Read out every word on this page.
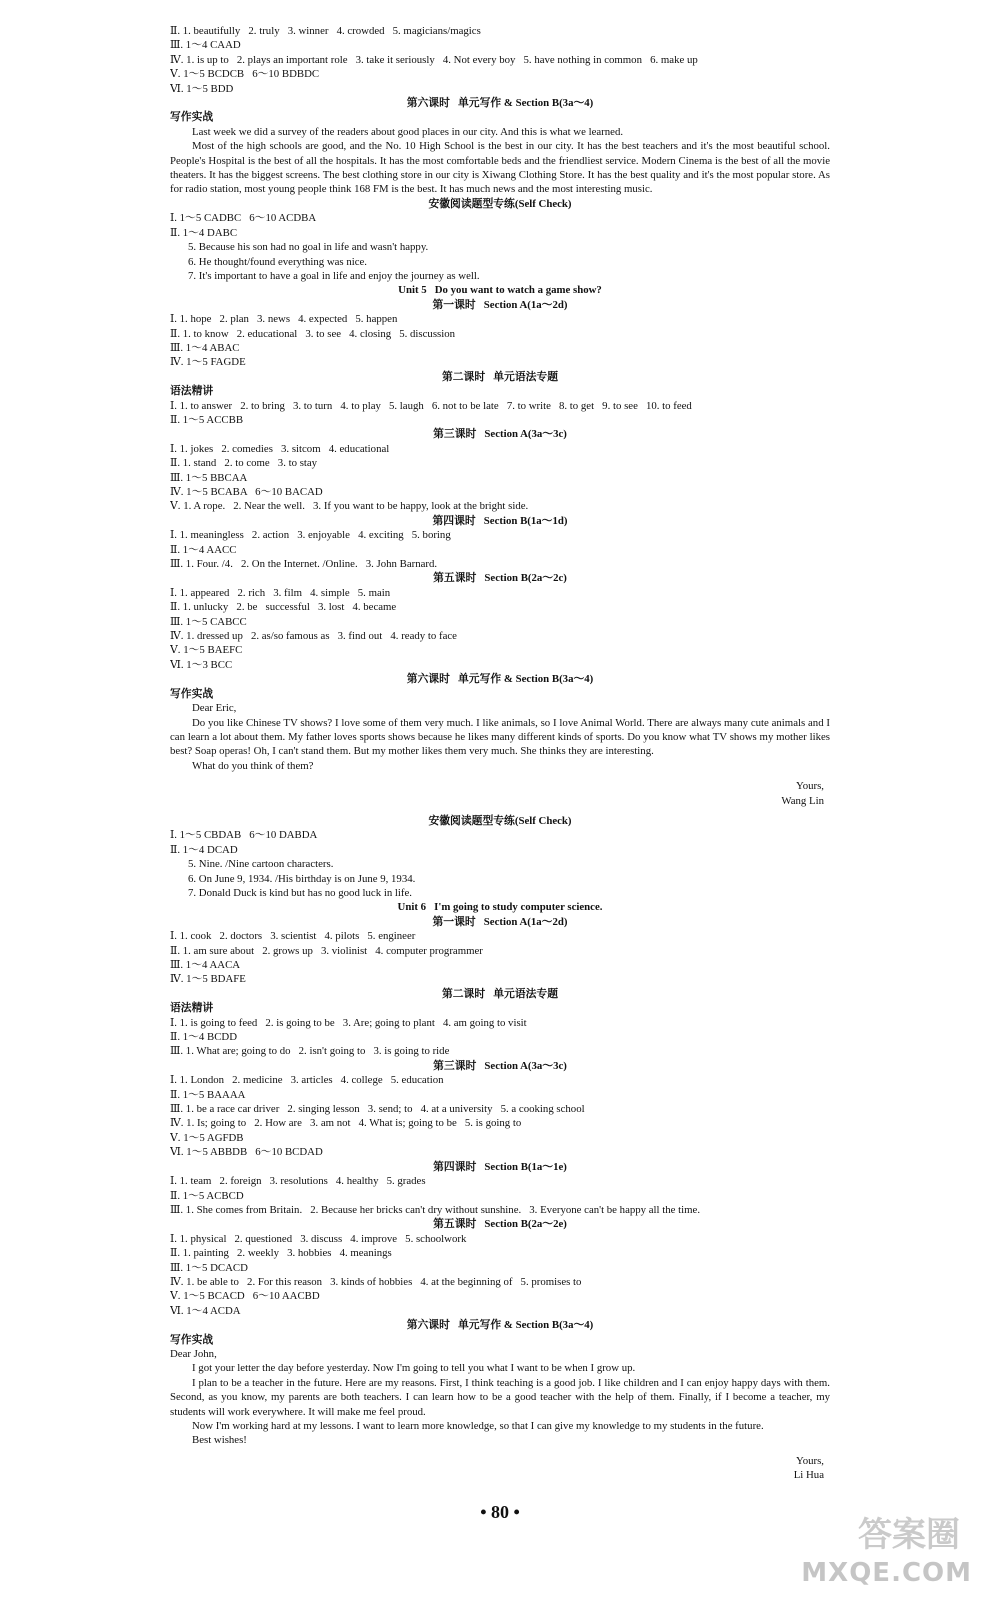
Ⅱ. 1. beautifully   2. truly   3. winner   4. crowded   5. magicians/magics
Ⅲ. 1～4 CAAD
Ⅳ. 1. is up to   2. plays an important role   3. take it seriously   4. Not every boy   5. have nothing in common   6. make up
Ⅴ. 1～5 BCDCB   6～10 BDBDC
Ⅵ. 1～5 BDD
第六课时   单元写作 & Section B(3a～4)
写作实战
Last week we did a survey of the readers about good places in our city. And this is what we learned.
Most of the high schools are good, and the No. 10 High School is the best in our city. It has the best teachers and it's the most beautiful school. People's Hospital is the best of all the hospitals. It has the most comfortable beds and the friendliest service. Modern Cinema is the best of all the movie theaters. It has the biggest screens. The best clothing store in our city is Xiwang Clothing Store. It has the best quality and it's the most popular store. As for radio station, most young people think 168 FM is the best. It has much news and the most interesting music.
安徽阅读题型专练(Self Check)
Ⅰ. 1～5 CADBC   6～10 ACDBA
Ⅱ. 1～4 DABC
5. Because his son had no goal in life and wasn't happy.
6. He thought/found everything was nice.
7. It's important to have a goal in life and enjoy the journey as well.
Unit 5   Do you want to watch a game show?
第一课时   Section A(1a～2d)
Ⅰ. 1. hope   2. plan   3. news   4. expected   5. happen
Ⅱ. 1. to know   2. educational   3. to see   4. closing   5. discussion
Ⅲ. 1～4 ABAC
Ⅳ. 1～5 FAGDE
第二课时   单元语法专题
语法精讲
Ⅰ. 1. to answer   2. to bring   3. to turn   4. to play   5. laugh   6. not to be late   7. to write   8. to get   9. to see   10. to feed
Ⅱ. 1～5 ACCBB
第三课时   Section A(3a～3c)
Ⅰ. 1. jokes   2. comedies   3. sitcom   4. educational
Ⅱ. 1. stand   2. to come   3. to stay
Ⅲ. 1～5 BBCAA
Ⅳ. 1～5 BCABA   6～10 BACAD
Ⅴ. 1. A rope.   2. Near the well.   3. If you want to be happy, look at the bright side.
第四课时   Section B(1a～1d)
Ⅰ. 1. meaningless   2. action   3. enjoyable   4. exciting   5. boring
Ⅱ. 1～4 AACC
Ⅲ. 1. Four. /4.   2. On the Internet. /Online.   3. John Barnard.
第五课时   Section B(2a～2c)
Ⅰ. 1. appeared   2. rich   3. film   4. simple   5. main
Ⅱ. 1. unlucky   2. be   successful   3. lost   4. became
Ⅲ. 1～5 CABCC
Ⅳ. 1. dressed up   2. as/so famous as   3. find out   4. ready to face
Ⅴ. 1～5 BAEFC
Ⅵ. 1～3 BCC
第六课时   单元写作 & Section B(3a～4)
写作实战
Dear Eric,
Do you like Chinese TV shows? I love some of them very much. I like animals, so I love Animal World. There are always many cute animals and I can learn a lot about them. My father loves sports shows because he likes many different kinds of sports. Do you know what TV shows my mother likes best? Soap operas! Oh, I can't stand them. But my mother likes them very much. She thinks they are interesting.
What do you think of them?
Yours,
Wang Lin
安徽阅读题型专练(Self Check)
Ⅰ. 1～5 CBDAB   6～10 DABDA
Ⅱ. 1～4 DCAD
5. Nine. /Nine cartoon characters.
6. On June 9, 1934. /His birthday is on June 9, 1934.
7. Donald Duck is kind but has no good luck in life.
Unit 6   I'm going to study computer science.
第一课时   Section A(1a～2d)
Ⅰ. 1. cook   2. doctors   3. scientist   4. pilots   5. engineer
Ⅱ. 1. am sure about   2. grows up   3. violinist   4. computer programmer
Ⅲ. 1～4 AACA
Ⅳ. 1～5 BDAFE
第二课时   单元语法专题
语法精讲
Ⅰ. 1. is going to feed   2. is going to be   3. Are; going to plant   4. am going to visit
Ⅱ. 1～4 BCDD
Ⅲ. 1. What are; going to do   2. isn't going to   3. is going to ride
第三课时   Section A(3a～3c)
Ⅰ. 1. London   2. medicine   3. articles   4. college   5. education
Ⅱ. 1～5 BAAAA
Ⅲ. 1. be a race car driver   2. singing lesson   3. send; to   4. at a university   5. a cooking school
Ⅳ. 1. Is; going to   2. How are   3. am not   4. What is; going to be   5. is going to
Ⅴ. 1～5 AGFDB
Ⅵ. 1～5 ABBDB   6～10 BCDAD
第四课时   Section B(1a～1e)
Ⅰ. 1. team   2. foreign   3. resolutions   4. healthy   5. grades
Ⅱ. 1～5 ACBCD
Ⅲ. 1. She comes from Britain.   2. Because her bricks can't dry without sunshine.   3. Everyone can't be happy all the time.
第五课时   Section B(2a～2e)
Ⅰ. 1. physical   2. questioned   3. discuss   4. improve   5. schoolwork
Ⅱ. 1. painting   2. weekly   3. hobbies   4. meanings
Ⅲ. 1～5 DCACD
Ⅳ. 1. be able to   2. For this reason   3. kinds of hobbies   4. at the beginning of   5. promises to
Ⅴ. 1～5 BCACD   6～10 AACBD
Ⅵ. 1～4 ACDA
第六课时   单元写作 & Section B(3a～4)
写作实战
Dear John,
I got your letter the day before yesterday. Now I'm going to tell you what I want to be when I grow up.
I plan to be a teacher in the future. Here are my reasons. First, I think teaching is a good job. I like children and I can enjoy happy days with them. Second, as you know, my parents are both teachers. I can learn how to be a good teacher with the help of them. Finally, if I become a teacher, my students will work everywhere. It will make me feel proud.
Now I'm working hard at my lessons. I want to learn more knowledge, so that I can give my knowledge to my students in the future.
Best wishes!
Yours,
Li Hua
• 80 •
答案圈
MXQE.COM
